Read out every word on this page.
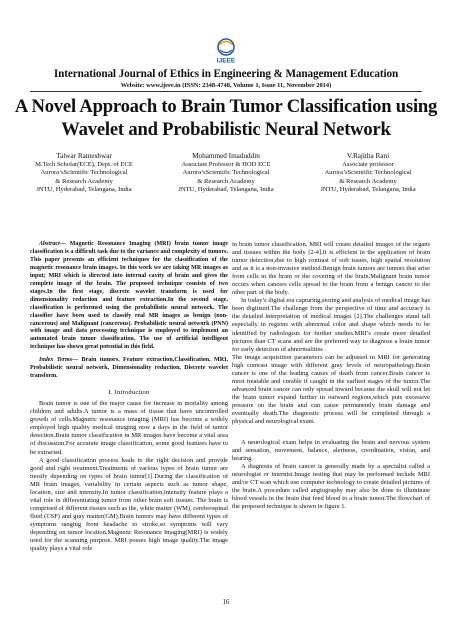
IJEEE
International Journal of Ethics in Engineering & Management Education
Website: www.ijeee.in (ISSN: 2348-4748, Volume 1, Issue 11, November 2014)
A Novel Approach to Brain Tumor Classification using Wavelet and Probabilistic Neural Network
Talwar Rameshwar
M.Tech Scholar(ECE), Dept. of ECE
Aurora’sScientific Technological
& Research Academy
JNTU, Hyderabad, Telangana, India
Mohammed Imaduddin
Associate Professor & HOD ECE
Aurora’sScientific Technological
& Research Academy
JNTU, Hyderabad, Telangana, India
V.Rajitha Rani
Associate professor
Aurora’sScientific Technological
& Research Academy
JNTU, Hyderabad, Telangana, India

Abstract— Magnetic Resonance Imaging (MRI) brain tumor image classification is a difficult task due to the variance and complexity of tumors. This paper presents an efficient techniques for the classification of the magnetic resonance brain images. In this work we are taking MR images as input; MRI which is directed into internal cavity of brain and gives the complete image of the brain. The proposed technique consists of two stages.In the first stage, discrete wavelet transform is used for dimensionality reduction and feature extraction.In the second stage, classification is performed using the probabilistic neural network. The classifier have been used to classify real MR images as benign (non-cancerous) and Malignant (cancerous). Probabilistic neural network (PNN) with image and data processing technique is employed to implement an automated brain tumor classification. The use of artificial intelligent technique has shown great potential in this field.

Index Terms— Brain tumors, Feature extraction,Classification, MRI, Probabilistic neural network, Dimensionality reduction, Discrete wavelet transform.

I. Introduction

Brain tumor is one of the major cause for increase in mortality among children and adults.A tumor is a mass of tissue that have uncontrolled growth of cells.Magnetic resonance imaging (MRI) has become a widely employed high quality medical imaging now a days in the field of tumor detection.Brain tumor classification in MR images have become a vital area of discussion.For accurate image classification, some good features have to be extracted.

A good classification process leads to the right decision and provide good and right treatment.Treatments of various types of brain tumor are mostly depending on types of brain tumor[1].During the classification of MR brain images, variability in certain aspects such as tumor shape, location, size and intensity.In tumor classification,intensity feature plays a vital role in differentiating tumor from other brain soft tissues. The brain is comprised of different tissues such as the, white matter (WM), cerebrospinal fluid (CSF) and gray matter(GM).Brain tumors may have different types of symptoms ranging from headache to stroke,so symptoms will vary depending on tumor location.Magnetic Resonance Imaging(MRI) is widely used for the scanning purpose. MRI posses high image quality.The image quality plays a vital role

in brain tumor classification. MRI will create detailed images of the organs and tissues within the body [2-4].It is efficient in the application of brain tumor detection,due to high contrast of soft issues, high spatial resolution and as it is a non-invasive method.Benign brain tumors are tumors that arise from cells in the brain or the covering of the brain.Malignant brain tumor occurs when cancers cells spread to the brain from a benign cancer to the other part of the body.

In today’s digital era capturing,storing and analysis of medical image has been digitized.The challenge from the perspective of time and accuracy is the detailed interpretation of medical images [2].The challenges stand tall especially in regions with abnormal color and shape which needs to be identified by radiologists for further studies.MRI’s create more detailed pictures than CT scans and are the preferred way to diagnose a brain tumor for early detection of abnormalities .

The image acquisition parameters can be adjusted in MRI for generating high contrast image with different gray levels of neuropathology.Brain cancer is one of the leading causes of death from cancer.Brain cancer is most treatable and curable if caught in the earliest stages of the tumor.The advanced brain cancer can only spread inward because the skull will not let the brain tumor expand further in outward regions,which puts excessive pressure on the brain and can cause permanently brain damage and eventually death.The diagnostic process will be completed through a physical and neurological exam.

A neurological exam helps in evaluating the brain and nervous system and sensation, movement, balance, alertness, coordination, vision, and hearing.

A diagnosis of brain cancer is generally made by a specialist called a neurologist or internist.Image testing that may be performed include MRI and/or CT scan which use computer technology to create detailed pictures of the brain.A procedure called angiography may also be done to illuminate blood vessels in the brain that feed blood to a brain tumor.The flowchart of the proposed technique is shown in figure 1.

16
